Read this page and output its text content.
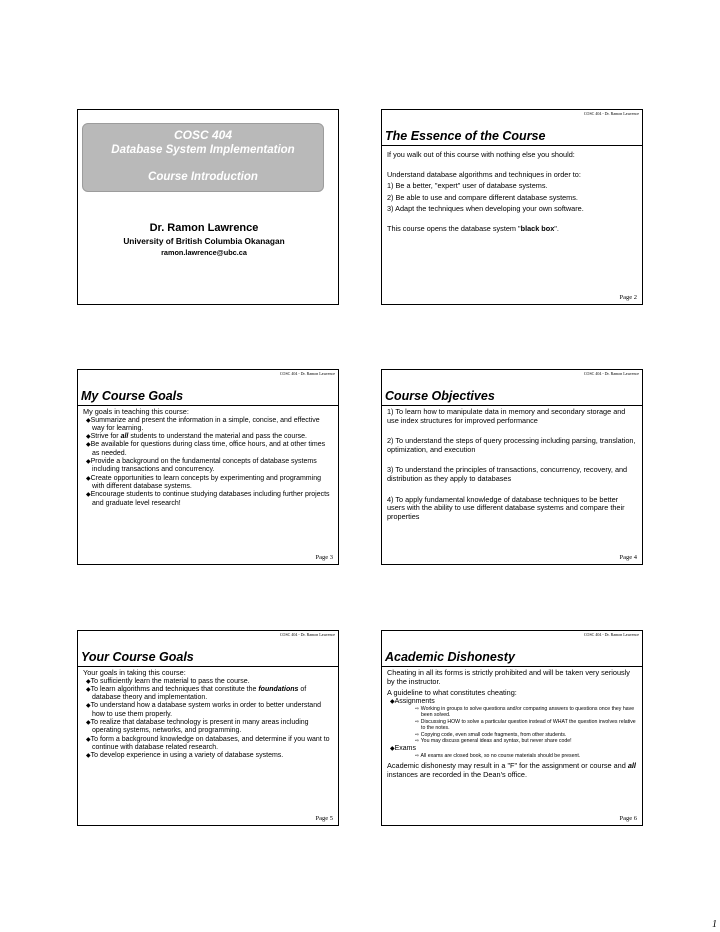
COSC 404
Database System Implementation
Course Introduction
Dr. Ramon Lawrence
University of British Columbia Okanagan
ramon.lawrence@ubc.ca
COSC 404 - Dr. Ramon Lawrence
The Essence of the Course

If you walk out of this course with nothing else you should:

Understand database algorithms and techniques in order to:

1) Be a better, "expert" user of database systems.

2) Be able to use and compare different database systems.

3) Adapt the techniques when developing your own software.

This course opens the database system "black box".

Page 2
COSC 404 - Dr. Ramon Lawrence
My Course Goals

My goals in teaching this course:

◆Summarize and present the information in a simple, concise, and effective way for learning.

◆Strive for all students to understand the material and pass the course.

◆Be available for questions during class time, office hours, and at other times as needed.

◆Provide a background on the fundamental concepts of database systems including transactions and concurrency.

◆Create opportunities to learn concepts by experimenting and programming with different database systems.

◆Encourage students to continue studying databases including further projects and graduate level research!

Page 3
COSC 404 - Dr. Ramon Lawrence
Course Objectives

1) To learn how to manipulate data in memory and secondary storage and use index structures for improved performance

2) To understand the steps of query processing including parsing, translation, optimization, and execution

3) To understand the principles of transactions, concurrency, recovery, and distribution as they apply to databases

4) To apply fundamental knowledge of database techniques to be better users with the ability to use different database systems and compare their properties

Page 4
COSC 404 - Dr. Ramon Lawrence
Your Course Goals

Your goals in taking this course:

◆To sufficiently learn the material to pass the course.

◆To learn algorithms and techniques that constitute the foundations of database theory and implementation.

◆To understand how a database system works in order to better understand how to use them properly.

◆To realize that database technology is present in many areas including operating systems, networks, and programming.

◆To form a background knowledge on databases, and determine if you want to continue with database related research.

◆To develop experience in using a variety of database systems.

Page 5
COSC 404 - Dr. Ramon Lawrence
Academic Dishonesty

Cheating in all its forms is strictly prohibited and will be taken very seriously by the instructor.

A guideline to what constitutes cheating:

◆Assignments

⇨ Working in groups to solve questions and/or comparing answers to questions once they have been solved.

⇨ Discussing HOW to solve a particular question instead of WHAT the question involves relative to the notes.

⇨ Copying code, even small code fragments, from other students.

⇨ You may discuss general ideas and syntax, but never share code!

◆Exams

⇨ All exams are closed book, so no course materials should be present.

Academic dishonesty may result in a "F" for the assignment or course and all instances are recorded in the Dean's office.

Page 6
1
